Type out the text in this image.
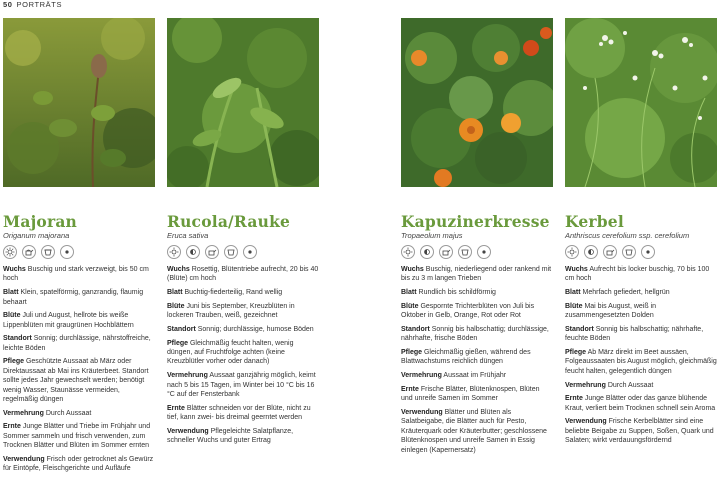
50 PORTRÄTS
Majoran
Origanum majorana
Wuchs Buschig und stark verzweigt, bis 50 cm hoch
Blatt Klein, spatelförmig, ganzrandig, flaumig behaart
Blüte Juli und August, hellrote bis weiße Lippenblüten mit graugrünen Hochblättern
Standort Sonnig; durchlässige, nährstoffreiche, leichte Böden
Pflege Geschützte Aussaat ab März oder Direktaussaat ab Mai ins Kräuterbeet. Standort sollte jedes Jahr gewechselt werden; benötigt wenig Wasser, Staunässe vermeiden, regelmäßig düngen
Vermehrung Durch Aussaat
Ernte Junge Blätter und Triebe im Frühjahr und Sommer sammeln und frisch verwenden, zum Trocknen Blätter und Blüten im Sommer ernten
Verwendung Frisch oder getrocknet als Gewürz für Eintöpfe, Fleischgerichte und Aufläufe
Rucola/Rauke
Eruca sativa
Wuchs Rosettig, Blütentriebe aufrecht, 20 bis 40 (Blüte) cm hoch
Blatt Buchtig-fiederteilig, Rand wellig
Blüte Juni bis September, Kreuzblüten in lockeren Trauben, weiß, gezeichnet
Standort Sonnig; durchlässige, humose Böden
Pflege Gleichmäßig feucht halten, wenig düngen, auf Fruchtfolge achten (keine Kreuzblütler vorher oder danach)
Vermehrung Aussaat ganzjährig möglich, keimt nach 5 bis 15 Tagen, im Winter bei 10 °C bis 16 °C auf der Fensterbank
Ernte Blätter schneiden vor der Blüte, nicht zu tief, kann zwei- bis dreimal geerntet werden
Verwendung Pflegeleichte Salatpflanze, schneller Wuchs und guter Ertrag
Kapuzinerkresse
Tropaeolum majus
Wuchs Buschig, niederliegend oder rankend mit bis zu 3 m langen Trieben
Blatt Rundlich bis schildförmig
Blüte Gespornte Trichterblüten von Juli bis Oktober in Gelb, Orange, Rot oder Rot
Standort Sonnig bis halbschattig; durchlässige, nährhafte, frische Böden
Pflege Gleichmäßig gießen, während des Blattwachstums reichlich düngen
Vermehrung Aussaat im Frühjahr
Ernte Frische Blätter, Blütenknospen, Blüten und unreife Samen im Sommer
Verwendung Blätter und Blüten als Salatbeigabe, die Blätter auch für Pesto, Kräuterquark oder Kräuterbutter; geschlossene Blütenknospen und unreife Samen in Essig einlegen (Kapernersatz)
Kerbel
Anthriscus cerefolium ssp. cerefolium
Wuchs Aufrecht bis locker buschig, 70 bis 100 cm hoch
Blatt Mehrfach gefiedert, hellgrün
Blüte Mai bis August, weiß in zusammengesetzten Dolden
Standort Sonnig bis halbschattig; nährhafte, feuchte Böden
Pflege Ab März direkt im Beet aussäen, Folgeaussaaten bis August möglich, gleichmäßig feucht halten, gelegentlich düngen
Vermehrung Durch Aussaat
Ernte Junge Blätter oder das ganze blühende Kraut, verliert beim Trocknen schnell sein Aroma
Verwendung Frische Kerbelblätter sind eine beliebte Beigabe zu Suppen, Soßen, Quark und Salaten; wirkt verdauungsfördernd
